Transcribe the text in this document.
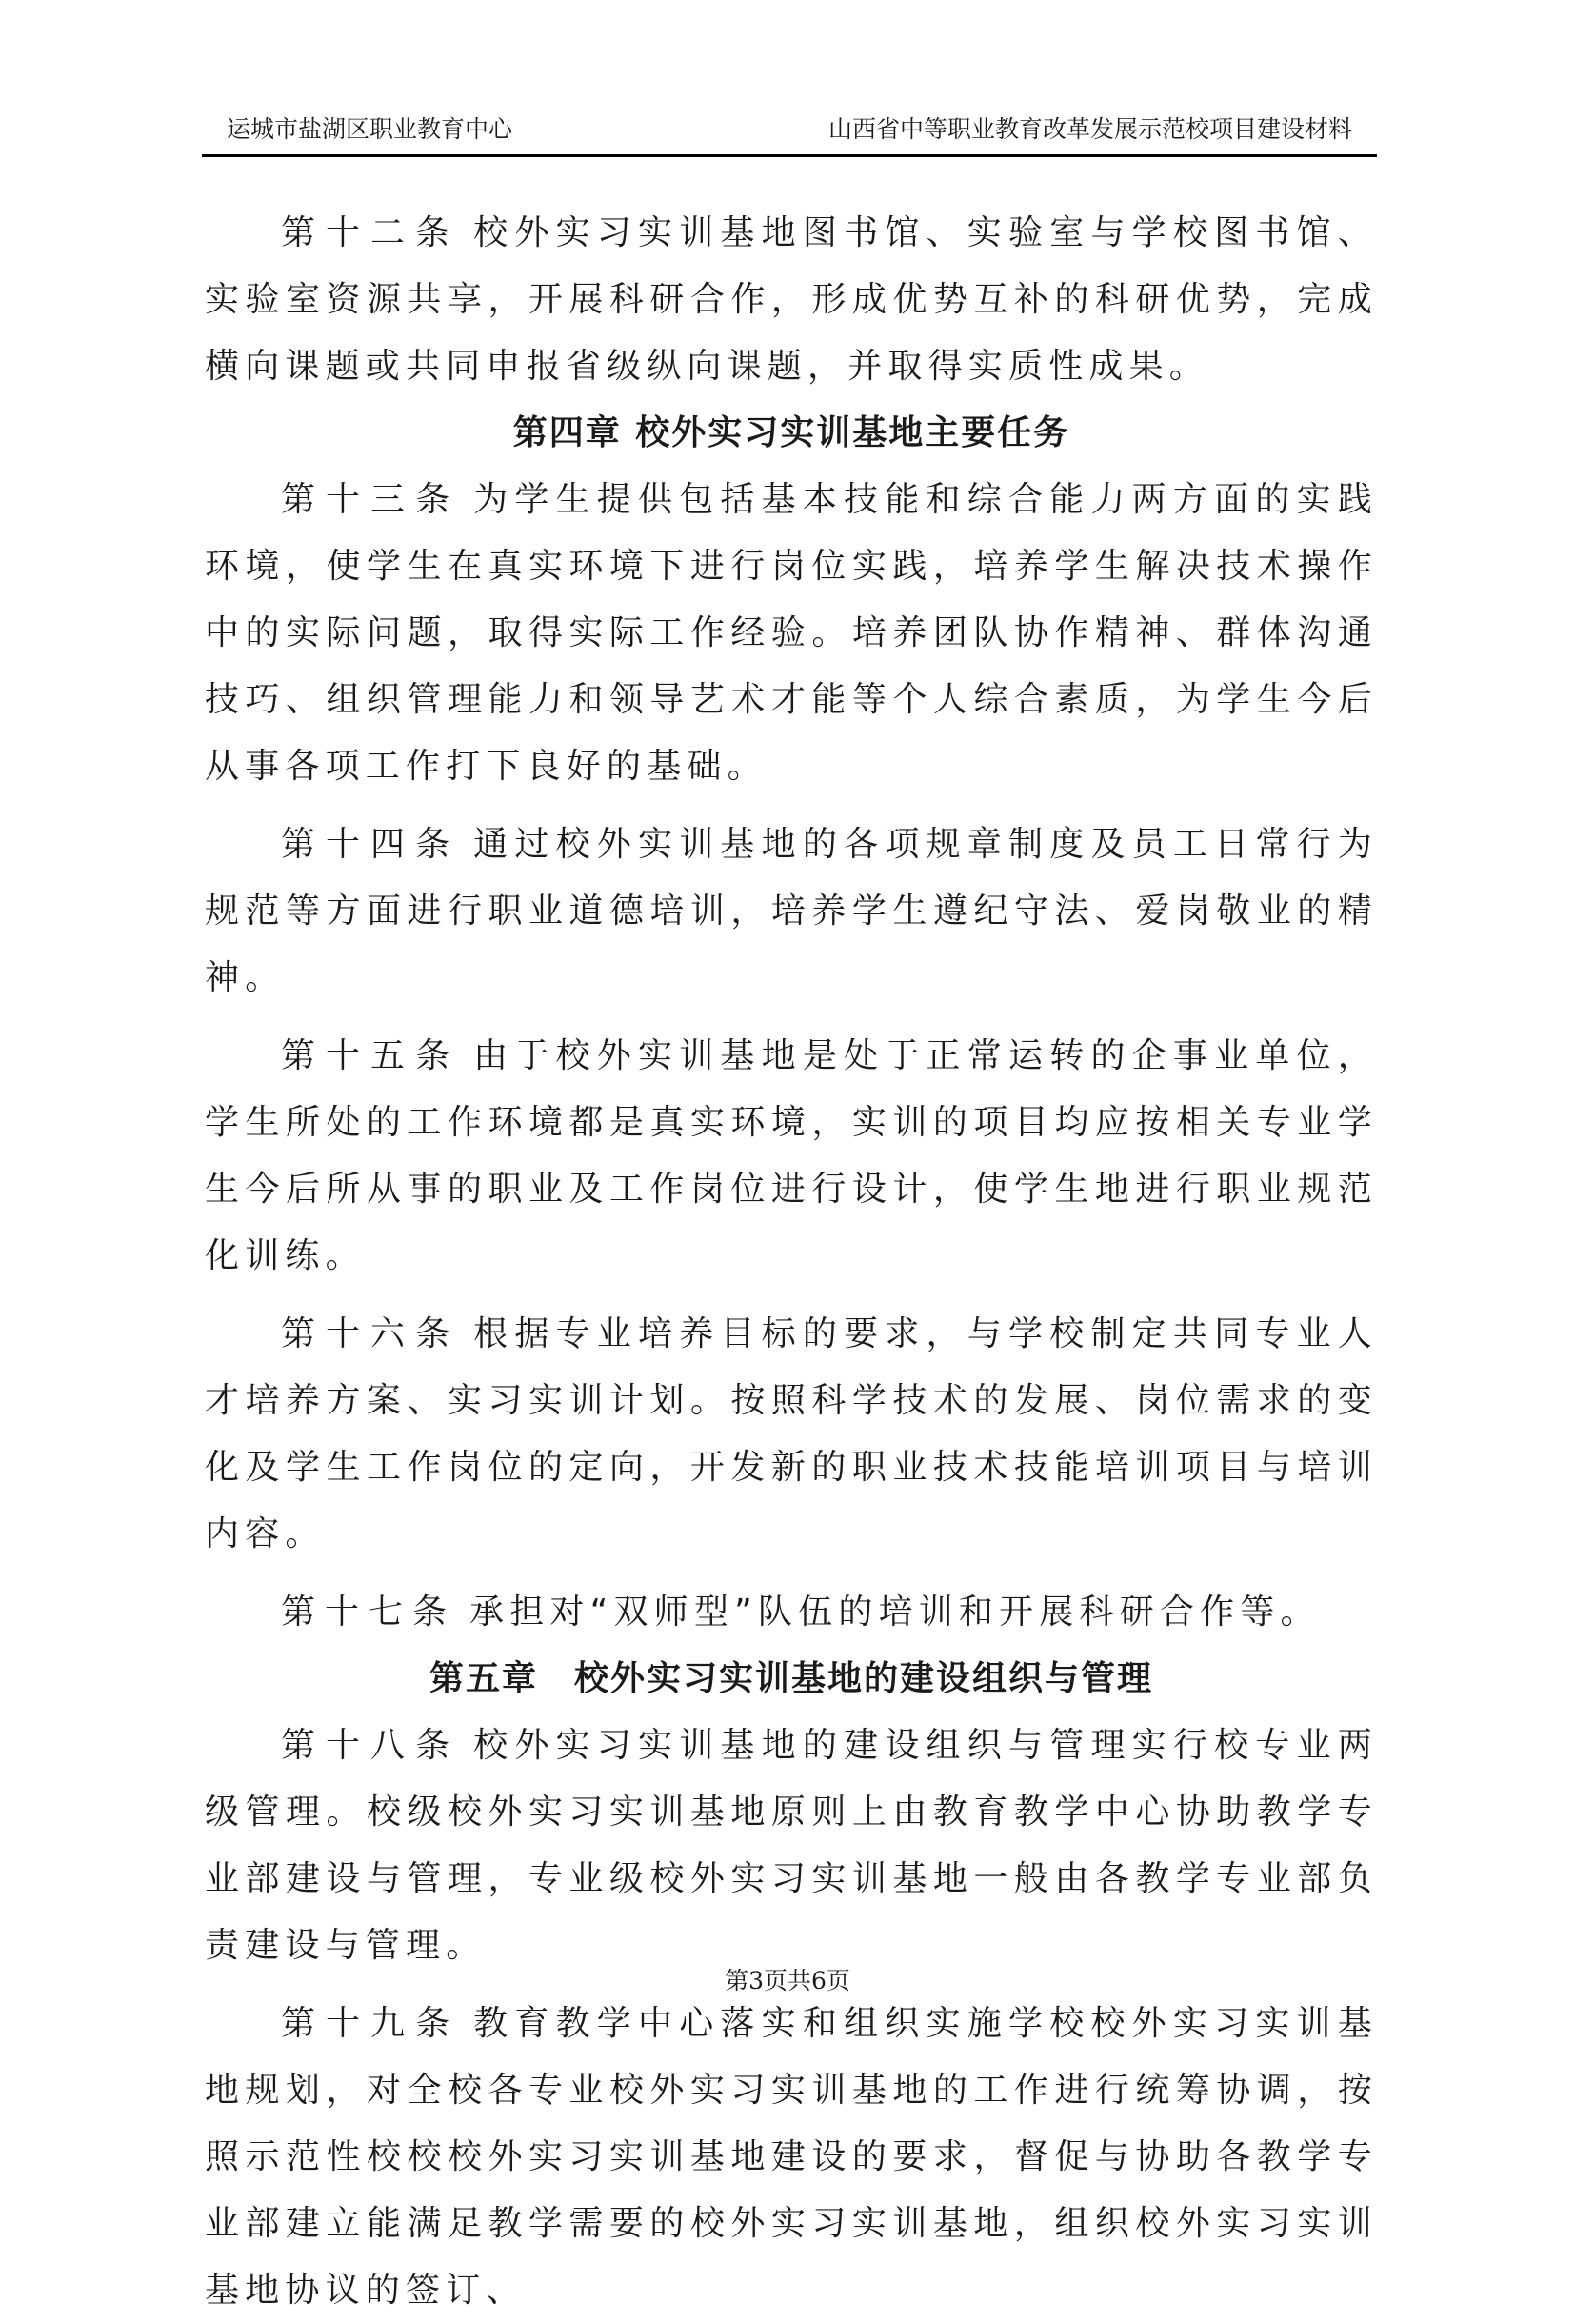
运城市盐湖区职业教育中心	山西省中等职业教育改革发展示范校项目建设材料

第十二条 校外实习实训基地图书馆、实验室与学校图书馆、实验室资源共享，开展科研合作，形成优势互补的科研优势，完成横向课题或共同申报省级纵向课题，并取得实质性成果。

第四章 校外实习实训基地主要任务

第十三条 为学生提供包括基本技能和综合能力两方面的实践环境，使学生在真实环境下进行岗位实践，培养学生解决技术操作中的实际问题，取得实际工作经验。培养团队协作精神、群体沟通技巧、组织管理能力和领导艺术才能等个人综合素质，为学生今后从事各项工作打下良好的基础。

第十四条 通过校外实训基地的各项规章制度及员工日常行为规范等方面进行职业道德培训，培养学生遵纪守法、爱岗敬业的精神。

第十五条 由于校外实训基地是处于正常运转的企事业单位，学生所处的工作环境都是真实环境，实训的项目均应按相关专业学生今后所从事的职业及工作岗位进行设计，使学生地进行职业规范化训练。

第十六条 根据专业培养目标的要求，与学校制定共同专业人才培养方案、实习实训计划。按照科学技术的发展、岗位需求的变化及学生工作岗位的定向，开发新的职业技术技能培训项目与培训内容。

第十七条 承担对“双师型”队伍的培训和开展科研合作等。

第五章　校外实习实训基地的建设组织与管理

第十八条 校外实习实训基地的建设组织与管理实行校专业两级管理。校级校外实习实训基地原则上由教育教学中心协助教学专业部建设与管理，专业级校外实习实训基地一般由各教学专业部负责建设与管理。

第十九条 教育教学中心落实和组织实施学校校外实习实训基地规划，对全校各专业校外实习实训基地的工作进行统筹协调，按照示范性校校校外实习实训基地建设的要求，督促与协助各教学专业部建立能满足教学需要的校外实习实训基地，组织校外实习实训基地协议的签订、

第3页共6页
